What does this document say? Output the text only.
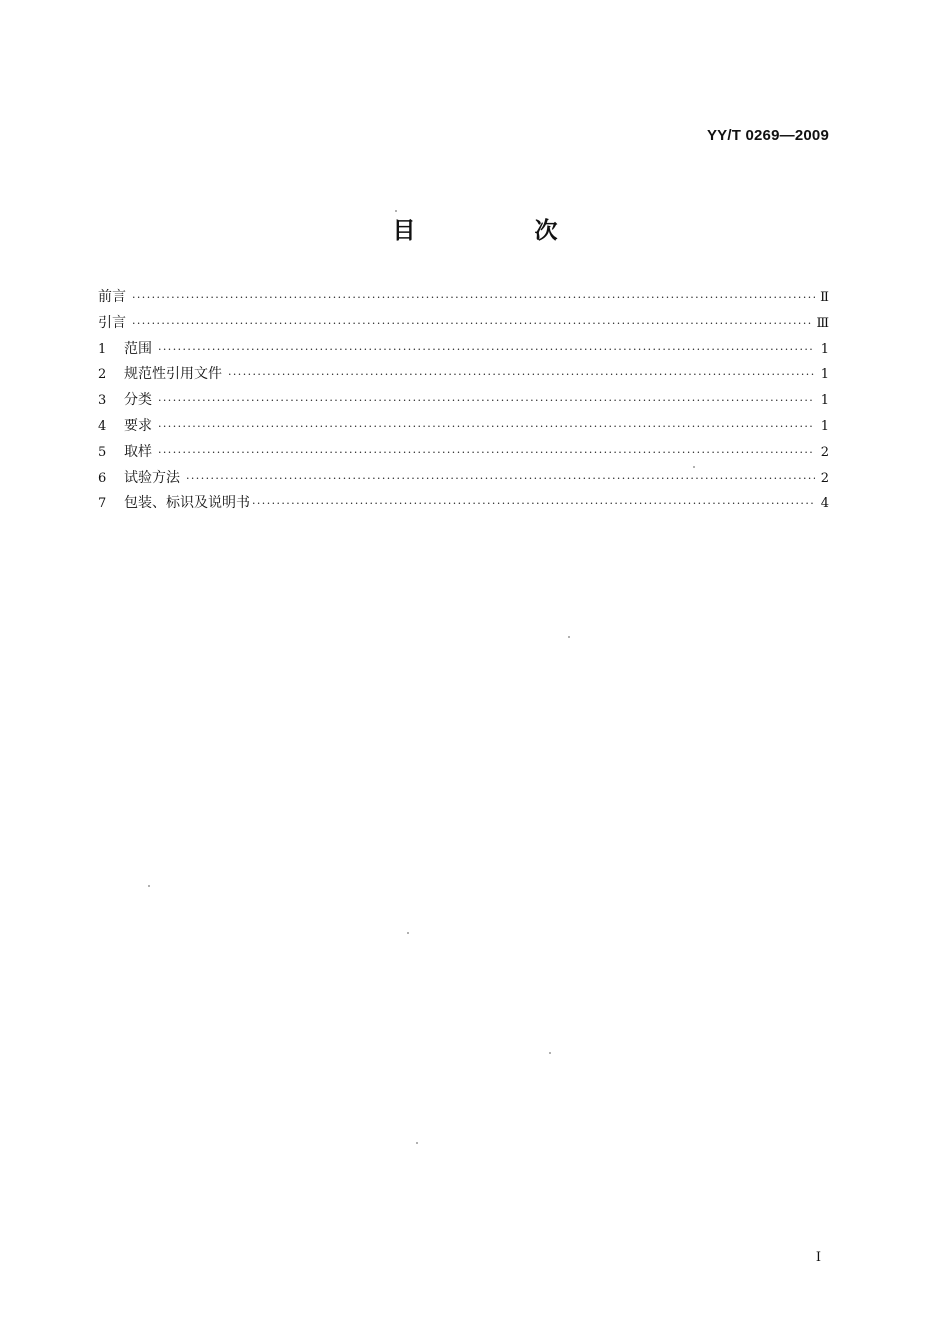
YY/T 0269—2009
目　次
前言 ·····	Ⅱ
引言 ·····	Ⅲ
1	范围 ·····	1
2	规范性引用文件 ·····	1
3	分类 ·····	1
4	要求 ·····	1
5	取样 ·····	2
6	试验方法 ·····	2
7	包装、标识及说明书 ·····	4
I
